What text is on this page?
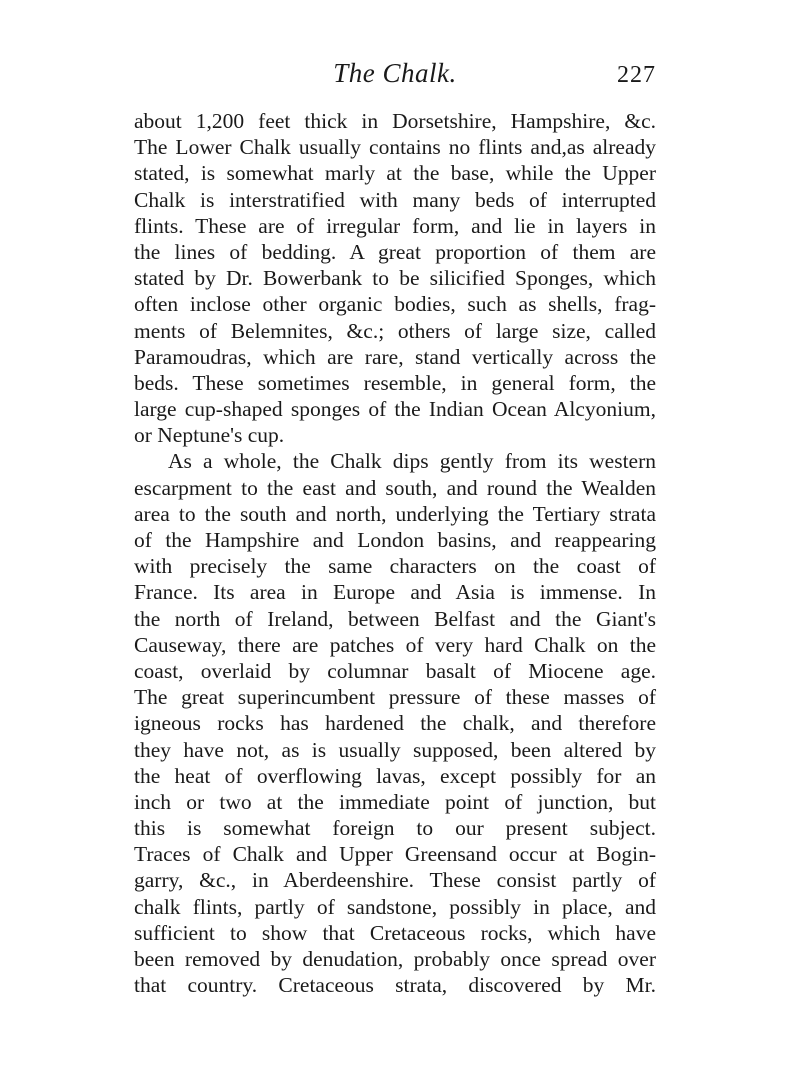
The Chalk.	227
about 1,200 feet thick in Dorsetshire, Hampshire, &c.
The Lower Chalk usually contains no flints and,as already
stated, is somewhat marly at the base, while the Upper
Chalk is interstratified with many beds of interrupted
flints. These are of irregular form, and lie in layers in
the lines of bedding. A great proportion of them are
stated by Dr. Bowerbank to be silicified Sponges, which
often inclose other organic bodies, such as shells, frag-
ments of Belemnites, &c.; others of large size, called
Paramoudras, which are rare, stand vertically across the
beds. These sometimes resemble, in general form, the
large cup-shaped sponges of the Indian Ocean Alcyonium,
or Neptune's cup.
As a whole, the Chalk dips gently from its western
escarpment to the east and south, and round the Wealden
area to the south and north, underlying the Tertiary strata
of the Hampshire and London basins, and reappearing
with precisely the same characters on the coast of
France. Its area in Europe and Asia is immense. In
the north of Ireland, between Belfast and the Giant's
Causeway, there are patches of very hard Chalk on the
coast, overlaid by columnar basalt of Miocene age.
The great superincumbent pressure of these masses of
igneous rocks has hardened the chalk, and therefore
they have not, as is usually supposed, been altered by
the heat of overflowing lavas, except possibly for an
inch or two at the immediate point of junction, but
this is somewhat foreign to our present subject.
Traces of Chalk and Upper Greensand occur at Bogin-
garry, &c., in Aberdeenshire. These consist partly of
chalk flints, partly of sandstone, possibly in place, and
sufficient to show that Cretaceous rocks, which have
been removed by denudation, probably once spread over
that country. Cretaceous strata, discovered by Mr.
